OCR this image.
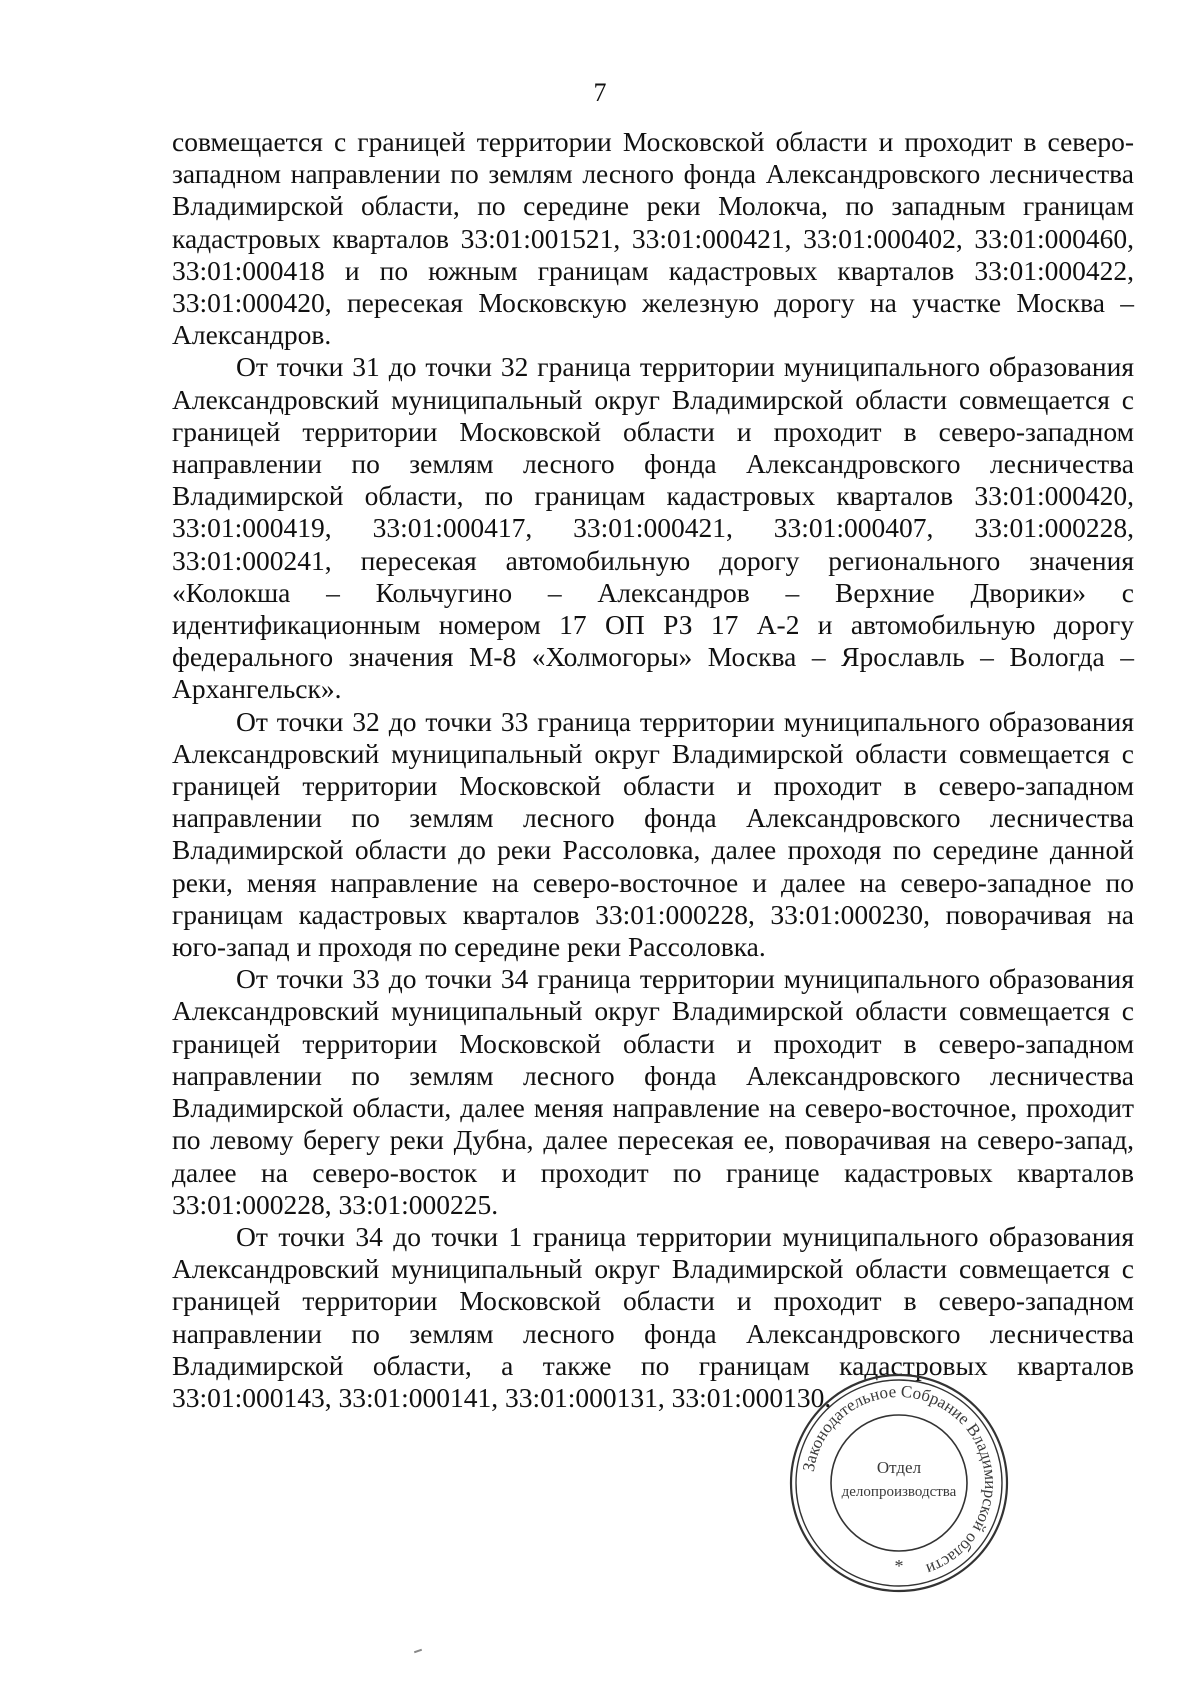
7

совмещается с границей территории Московской области и проходит в северо-западном направлении по землям лесного фонда Александровского лесничества Владимирской области, по середине реки Молокча, по западным границам кадастровых кварталов 33:01:001521, 33:01:000421, 33:01:000402, 33:01:000460, 33:01:000418 и по южным границам кадастровых кварталов 33:01:000422, 33:01:000420, пересекая Московскую железную дорогу на участке Москва – Александров.

От точки 31 до точки 32 граница территории муниципального образования Александровский муниципальный округ Владимирской области совмещается с границей территории Московской области и проходит в северо-западном направлении по землям лесного фонда Александровского лесничества Владимирской области, по границам кадастровых кварталов 33:01:000420, 33:01:000419, 33:01:000417, 33:01:000421, 33:01:000407, 33:01:000228, 33:01:000241, пересекая автомобильную дорогу регионального значения «Колокша – Кольчугино – Александров – Верхние Дворики» с идентификационным номером 17 ОП РЗ 17 А-2 и автомобильную дорогу федерального значения М-8 «Холмогоры» Москва – Ярославль – Вологда – Архангельск».

От точки 32 до точки 33 граница территории муниципального образования Александровский муниципальный округ Владимирской области совмещается с границей территории Московской области и проходит в северо-западном направлении по землям лесного фонда Александровского лесничества Владимирской области до реки Рассоловка, далее проходя по середине данной реки, меняя направление на северо-восточное и далее на северо-западное по границам кадастровых кварталов 33:01:000228, 33:01:000230, поворачивая на юго-запад и проходя по середине реки Рассоловка.

От точки 33 до точки 34 граница территории муниципального образования Александровский муниципальный округ Владимирской области совмещается с границей территории Московской области и проходит в северо-западном направлении по землям лесного фонда Александровского лесничества Владимирской области, далее меняя направление на северо-восточное, проходит по левому берегу реки Дубна, далее пересекая ее, поворачивая на северо-запад, далее на северо-восток и проходит по границе кадастровых кварталов 33:01:000228, 33:01:000225.

От точки 34 до точки 1 граница территории муниципального образования Александровский муниципальный округ Владимирской области совмещается с границей территории Московской области и проходит в северо-западном направлении по землям лесного фонда Александровского лесничества Владимирской области, а также по границам кадастровых кварталов 33:01:000143, 33:01:000141, 33:01:000131, 33:01:000130.

Законодательное Собрание Владимирской области
*
Отдел
делопроизводства
